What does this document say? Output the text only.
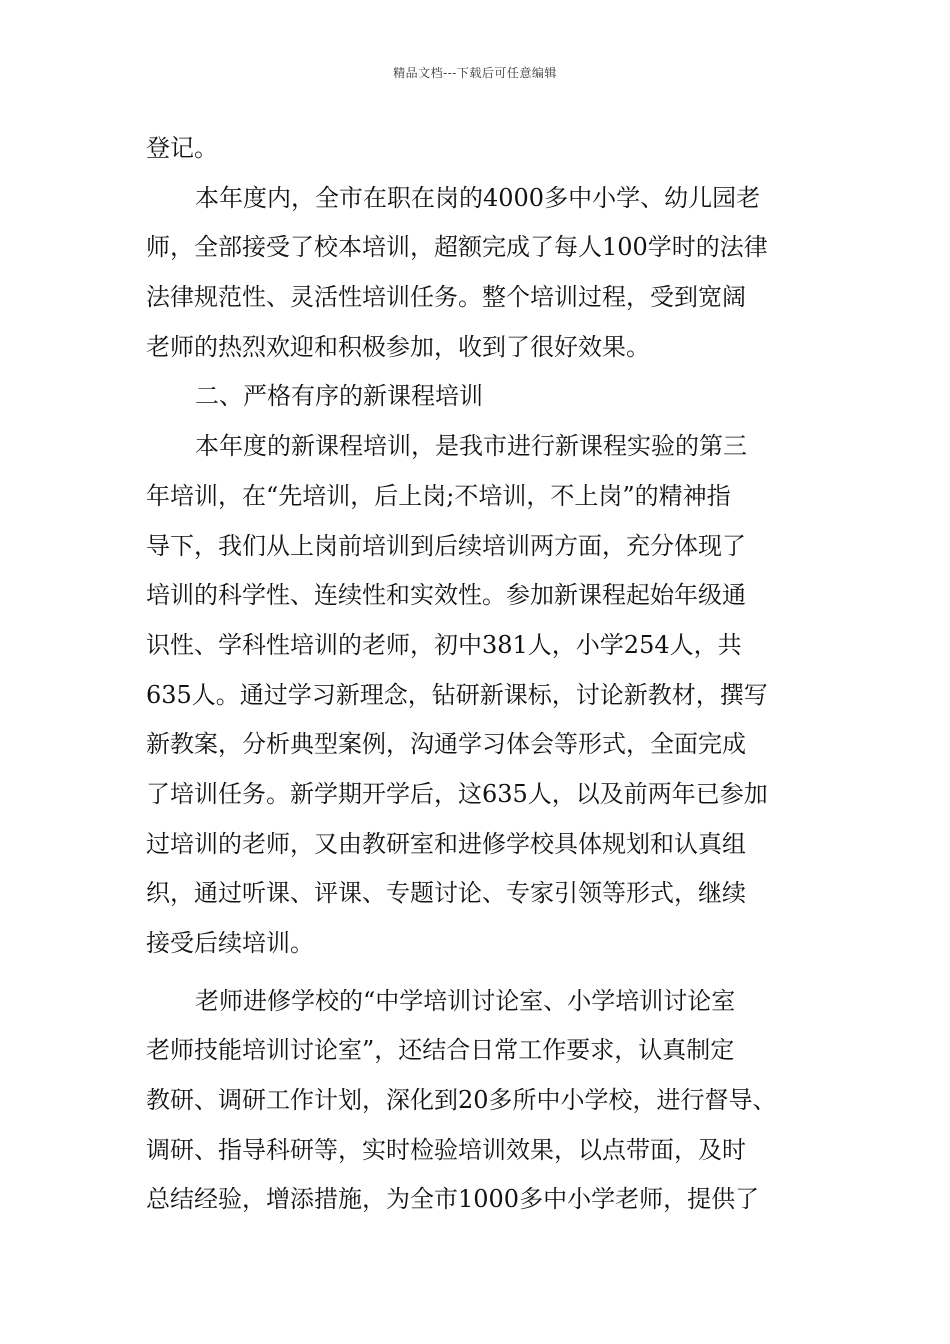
精品文档---下载后可任意编辑
登记。
本年度内，全市在职在岗的4000多中小学、幼儿园老
师，全部接受了校本培训，超额完成了每人100学时的法律
法律规范性、灵活性培训任务。整个培训过程，受到宽阔
老师的热烈欢迎和积极参加，收到了很好效果。
二、严格有序的新课程培训
本年度的新课程培训，是我市进行新课程实验的第三
年培训，在“先培训，后上岗;不培训，不上岗”的精神指
导下，我们从上岗前培训到后续培训两方面，充分体现了
培训的科学性、连续性和实效性。参加新课程起始年级通
识性、学科性培训的老师，初中381人，小学254人，共
635人。通过学习新理念，钻研新课标，讨论新教材，撰写
新教案，分析典型案例，沟通学习体会等形式，全面完成
了培训任务。新学期开学后，这635人，以及前两年已参加
过培训的老师，又由教研室和进修学校具体规划和认真组
织，通过听课、评课、专题讨论、专家引领等形式，继续
接受后续培训。
老师进修学校的“中学培训讨论室、小学培训讨论室
老师技能培训讨论室”，还结合日常工作要求，认真制定
教研、调研工作计划，深化到20多所中小学校，进行督导、
调研、指导科研等，实时检验培训效果，以点带面，及时
总结经验，增添措施，为全市1000多中小学老师，提供了
